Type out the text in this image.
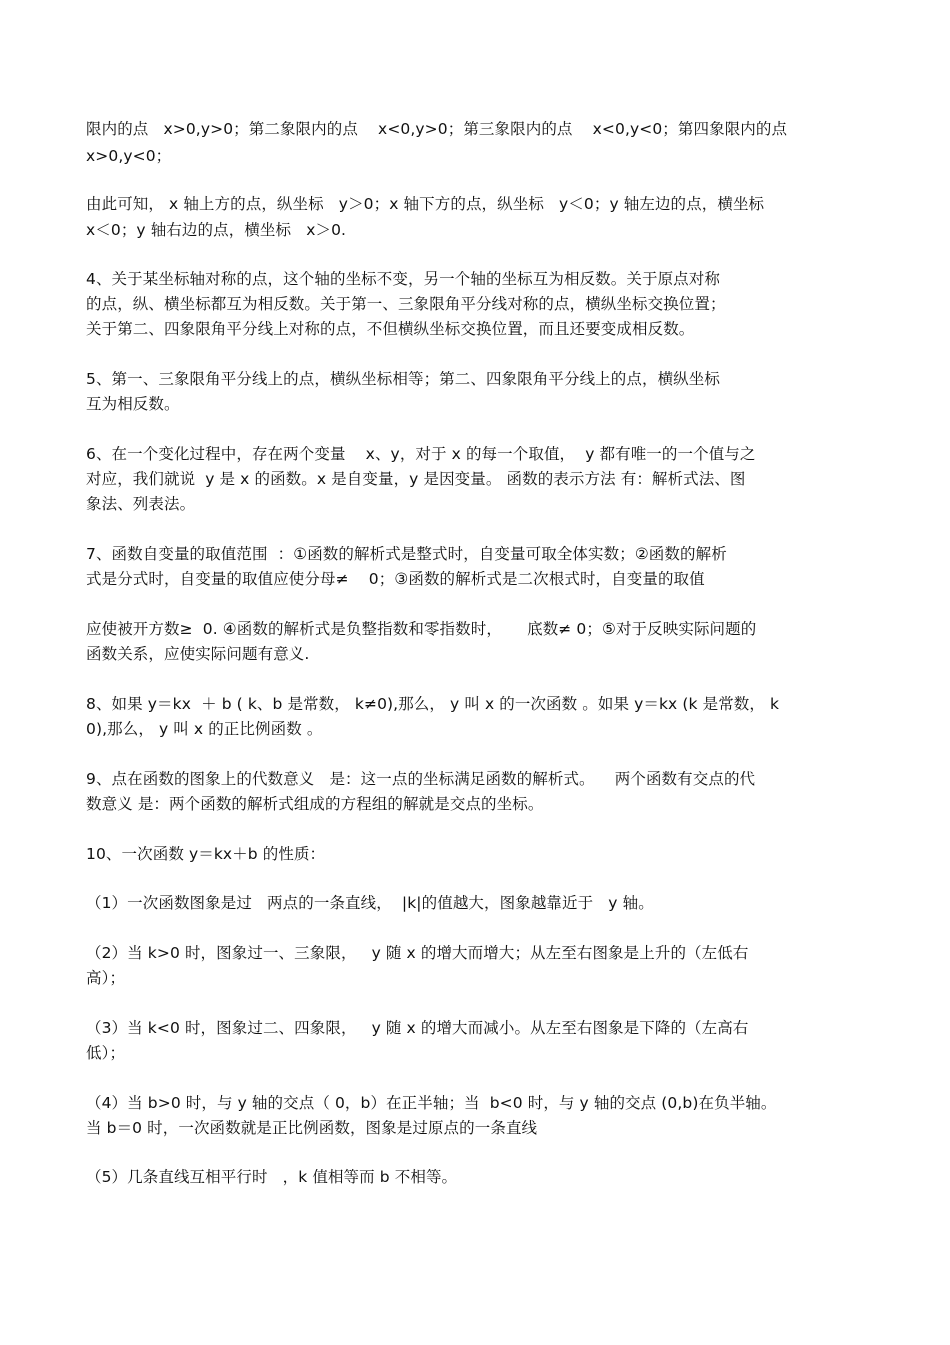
限内的点   x>0,y>0；第二象限内的点    x<0,y>0；第三象限内的点    x<0,y<0；第四象限内的点
x>0,y<0；
由此可知， x 轴上方的点，纵坐标   y＞0；x 轴下方的点，纵坐标   y＜0；y 轴左边的点，横坐标
x＜0；y 轴右边的点，横坐标   x＞0.
4、关于某坐标轴对称的点，这个轴的坐标不变，另一个轴的坐标互为相反数。关于原点对称
的点，纵、横坐标都互为相反数。关于第一、三象限角平分线对称的点，横纵坐标交换位置；
关于第二、四象限角平分线上对称的点，不但横纵坐标交换位置，而且还要变成相反数。
5、第一、三象限角平分线上的点，横纵坐标相等；第二、四象限角平分线上的点，横纵坐标
互为相反数。
6、在一个变化过程中，存在两个变量    x、y，对于 x 的每一个取值，  y 都有唯一的一个值与之
对应，我们就说  y 是 x 的函数。x 是自变量，y 是因变量。 函数的表示方法 有：解析式法、图
象法、列表法。
7、函数自变量的取值范围  ：①函数的解析式是整式时，自变量可取全体实数；②函数的解析
式是分式时，自变量的取值应使分母≠    0；③函数的解析式是二次根式时，自变量的取值
应使被开方数≥  0. ④函数的解析式是负整指数和零指数时，     底数≠ 0；⑤对于反映实际问题的
函数关系，应使实际问题有意义.
8、如果 y＝kx  ＋ b ( k、b 是常数， k≠0),那么， y 叫 x 的一次函数 。如果 y＝kx (k 是常数， k
0),那么， y 叫 x 的正比例函数 。
9、点在函数的图象上的代数意义   是：这一点的坐标满足函数的解析式。    两个函数有交点的代
数意义 是：两个函数的解析式组成的方程组的解就是交点的坐标。
10、一次函数 y＝kx＋b 的性质：
（1）一次函数图象是过   两点的一条直线，  |k|的值越大，图象越靠近于   y 轴。
（2）当 k>0 时，图象过一、三象限，   y 随 x 的增大而增大；从左至右图象是上升的（左低右
高）；
（3）当 k<0 时，图象过二、四象限，   y 随 x 的增大而减小。从左至右图象是下降的（左高右
低）；
（4）当 b>0 时，与 y 轴的交点（ 0，b）在正半轴；当  b<0 时，与 y 轴的交点 (0,b)在负半轴。
当 b＝0 时，一次函数就是正比例函数，图象是过原点的一条直线
（5）几条直线互相平行时   ，k 值相等而 b 不相等。
